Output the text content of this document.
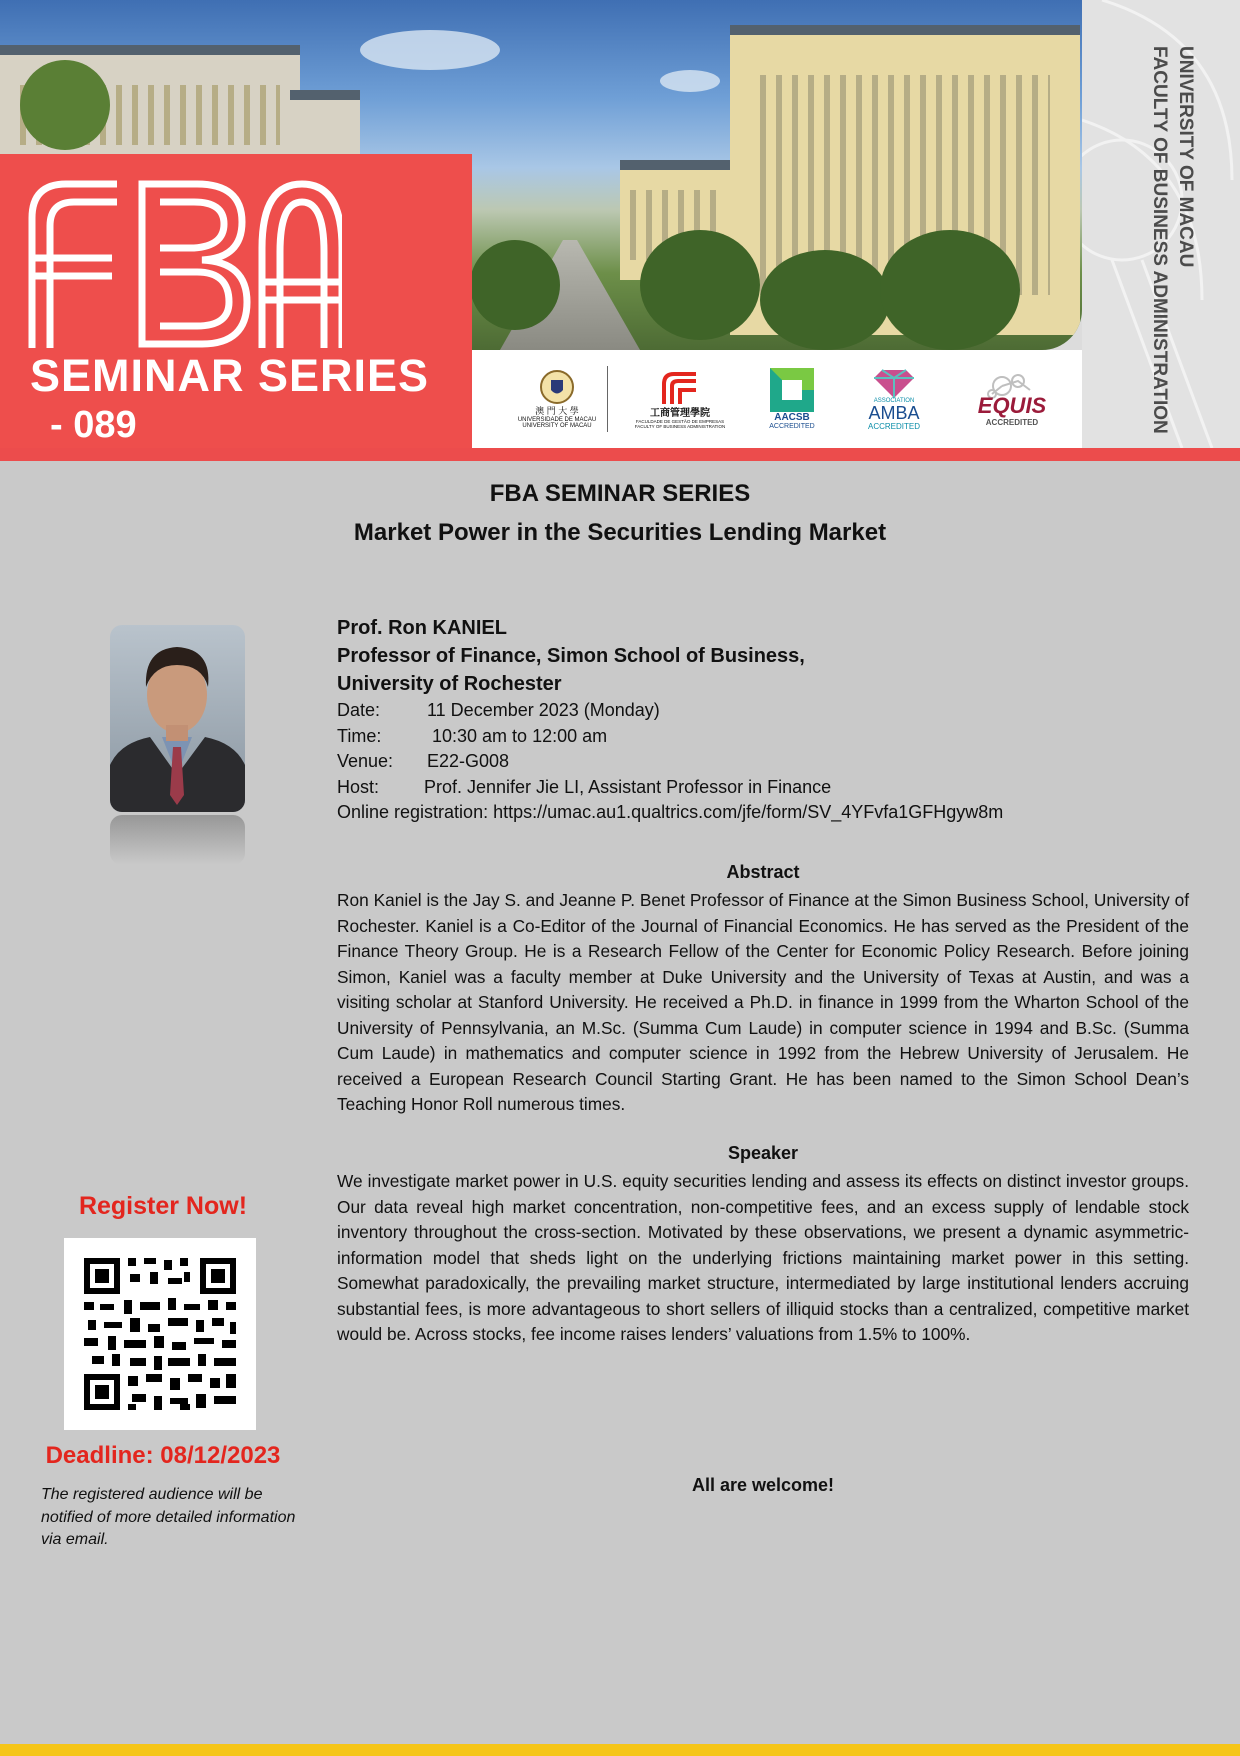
SEMINAR SERIES
- 089	澳 門 大 學
UNIVERSIDADE DE MACAU
UNIVERSITY OF MACAU
工商管理學院
FACULDADE DE GESTÃO DE EMPRESAS
FACULTY OF BUSINESS ADMINISTRATION
AACSB
ACCREDITED
ASSOCIATION
AMBA
ACCREDITED
EQUIS
ACCREDITED
UNIVERSITY OF MACAU
FACULTY OF BUSINESS ADMINISTRATION
FBA SEMINAR SERIES
Market Power in the Securities Lending Market
Prof. Ron KANIEL
Professor of Finance, Simon School of Business,
University of Rochester
Date:	11 December 2023 (Monday)
Time:	10:30 am to 12:00 am
Venue:	E22-G008
Host:	Prof. Jennifer Jie LI, Assistant Professor in Finance
Online registration: https://umac.au1.qualtrics.com/jfe/form/SV_4YFvfa1GFHgyw8m
Abstract
Ron Kaniel is the Jay S. and Jeanne P. Benet Professor of Finance at the Simon Business School, University of Rochester. Kaniel is a Co-Editor of the Journal of Financial Economics. He has served as the President of the Finance Theory Group. He is a Research Fellow of the Center for Economic Policy Research. Before joining Simon, Kaniel was a faculty member at Duke University and the University of Texas at Austin, and was a visiting scholar at Stanford University. He received a Ph.D. in finance in 1999 from the Wharton School of the University of Pennsylvania, an M.Sc. (Summa Cum Laude) in computer science in 1994 and B.Sc. (Summa Cum Laude) in mathematics and computer science in 1992 from the Hebrew University of Jerusalem. He received a European Research Council Starting Grant. He has been named to the Simon School Dean’s Teaching Honor Roll numerous times.
Speaker
We investigate market power in U.S. equity securities lending and assess its effects on distinct investor groups. Our data reveal high market concentration, non-competitive fees, and an excess supply of lendable stock inventory throughout the cross-section. Motivated by these observations, we present a dynamic asymmetric-information model that sheds light on the underlying frictions maintaining market power in this setting. Somewhat paradoxically, the prevailing market structure, intermediated by large institutional lenders accruing substantial fees, is more advantageous to short sellers of illiquid stocks than a centralized, competitive market would be. Across stocks, fee income raises lenders’ valuations from 1.5% to 100%.
Register Now!
Deadline: 08/12/2023
The registered audience will be notified of more detailed information via email.
All are welcome!
